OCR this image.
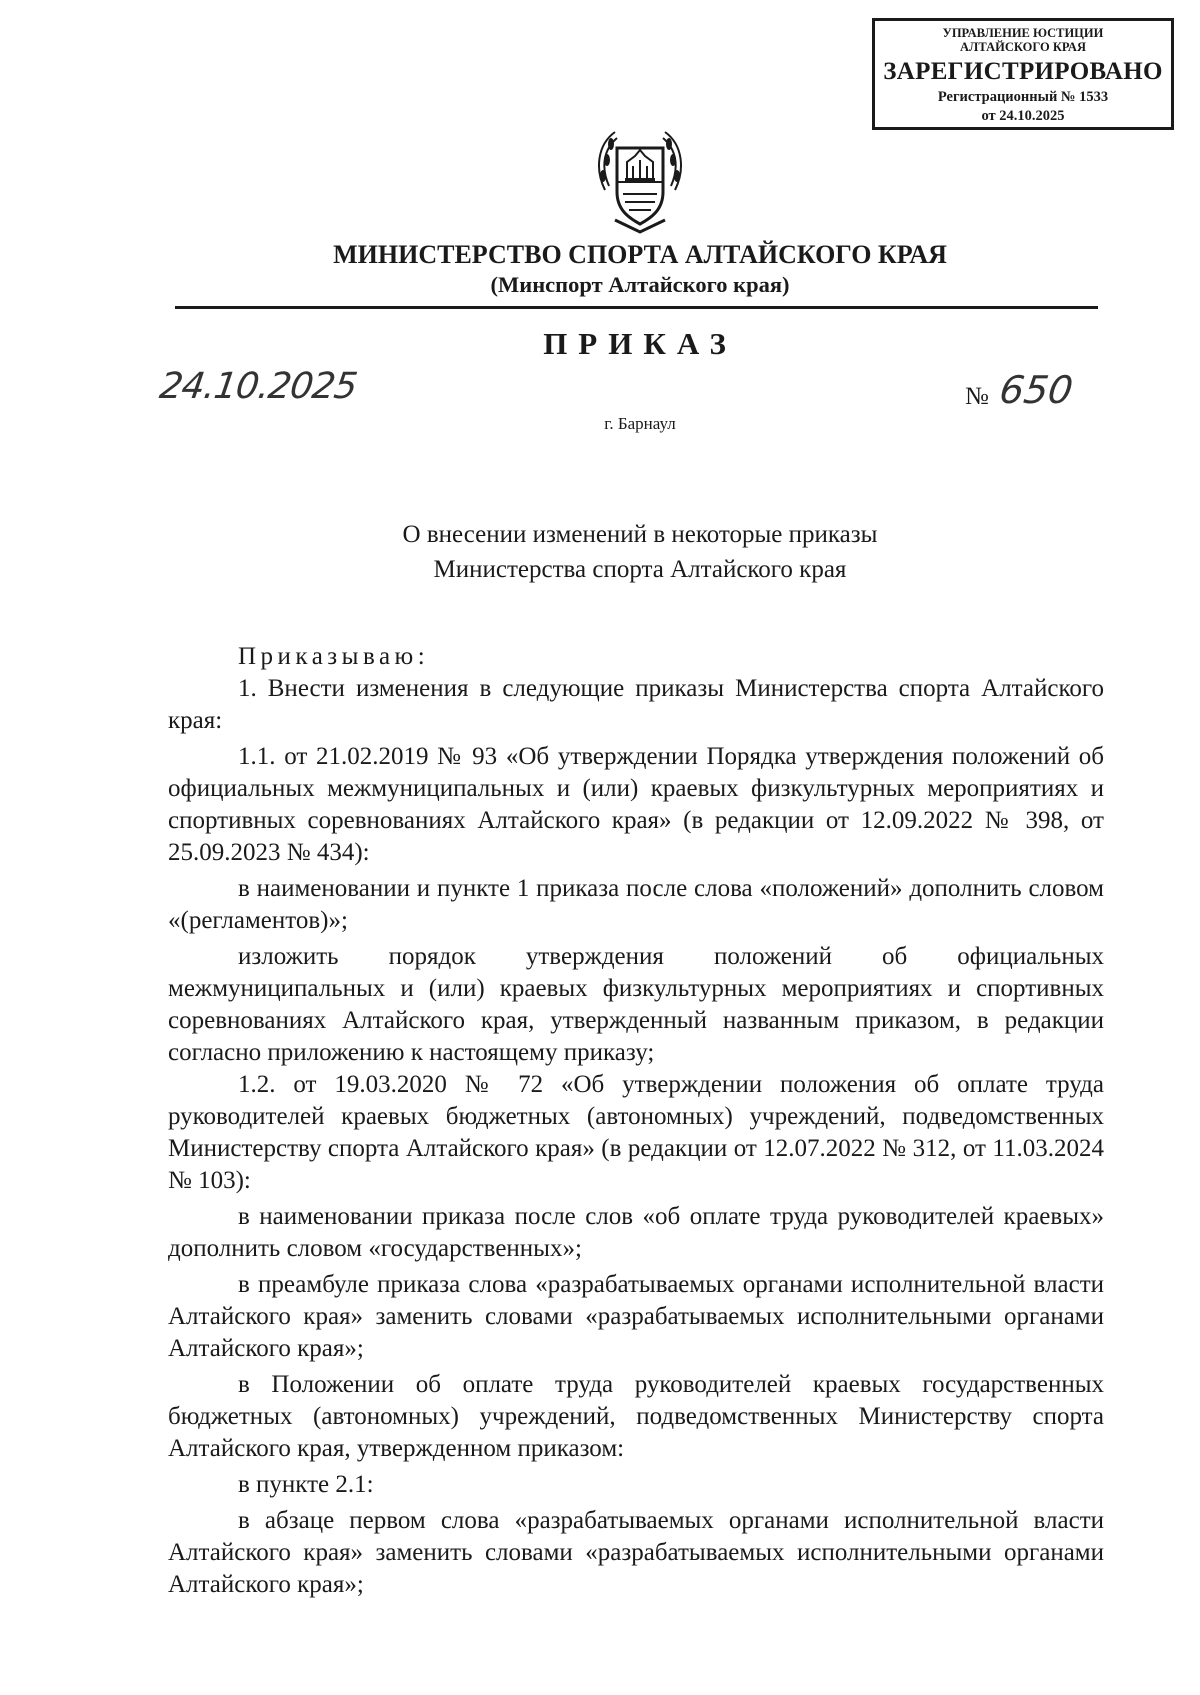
УПРАВЛЕНИЕ ЮСТИЦИИ
АЛТАЙСКОГО КРАЯ
ЗАРЕГИСТРИРОВАНО
Регистрационный № 1533
от 24.10.2025
МИНИСТЕРСТВО СПОРТА АЛТАЙСКОГО КРАЯ
(Минспорт Алтайского края)
ПРИКАЗ
24.10.2025	№ 650
г. Барнаул
О внесении изменений в некоторые приказы
Министерства спорта Алтайского края

Приказываю:

1. Внести изменения в следующие приказы Министерства спорта Алтайского края:

1.1. от 21.02.2019 № 93 «Об утверждении Порядка утверждения положений об официальных межмуниципальных и (или) краевых физкультурных мероприятиях и спортивных соревнованиях Алтайского края» (в редакции от 12.09.2022 № 398, от 25.09.2023 № 434):

в наименовании и пункте 1 приказа после слова «положений» дополнить словом «(регламентов)»;

изложить порядок утверждения положений об официальных межмуниципальных и (или) краевых физкультурных мероприятиях и спортивных соревнованиях Алтайского края, утвержденный названным приказом, в редакции согласно приложению к настоящему приказу;

1.2. от 19.03.2020 № 72 «Об утверждении положения об оплате труда руководителей краевых бюджетных (автономных) учреждений, подведомственных Министерству спорта Алтайского края» (в редакции от 12.07.2022 № 312, от 11.03.2024 № 103):

в наименовании приказа после слов «об оплате труда руководителей краевых» дополнить словом «государственных»;

в преамбуле приказа слова «разрабатываемых органами исполнительной власти Алтайского края» заменить словами «разрабатываемых исполнительными органами Алтайского края»;

в Положении об оплате труда руководителей краевых государственных бюджетных (автономных) учреждений, подведомственных Министерству спорта Алтайского края, утвержденном приказом:

в пункте 2.1:

в абзаце первом слова «разрабатываемых органами исполнительной власти Алтайского края» заменить словами «разрабатываемых исполнительными органами Алтайского края»;
